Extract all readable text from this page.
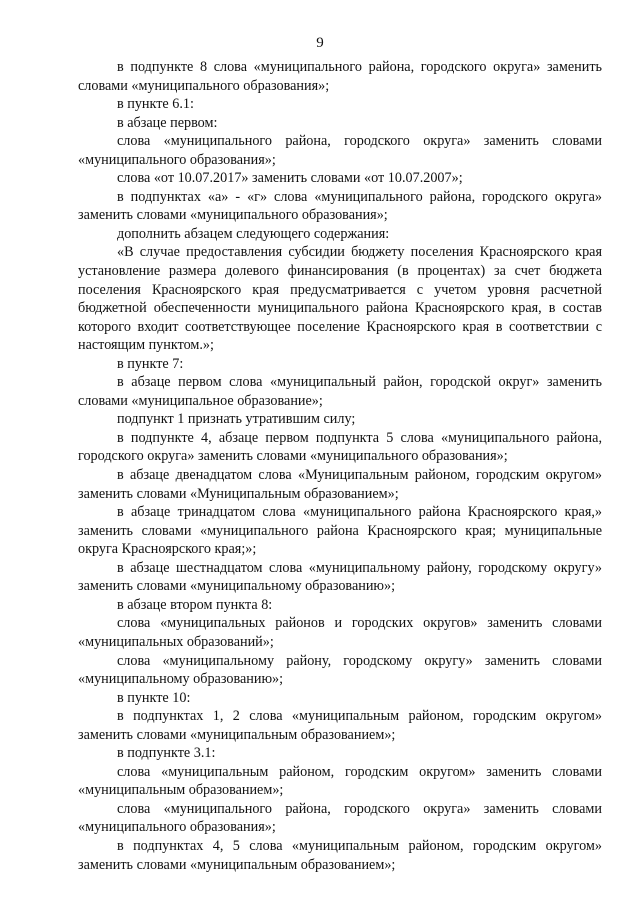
9

в подпункте 8 слова «муниципального района, городского округа» заменить словами «муниципального образования»;

в пункте 6.1:

в абзаце первом:

слова «муниципального района, городского округа» заменить словами «муниципального образования»;

слова «от 10.07.2017» заменить словами «от 10.07.2007»;

в подпунктах «а» - «г» слова «муниципального района, городского округа» заменить словами «муниципального образования»;

дополнить абзацем следующего содержания:

«В случае предоставления субсидии бюджету поселения Красноярского края установление размера долевого финансирования (в процентах) за счет бюджета поселения Красноярского края предусматривается с учетом уровня расчетной бюджетной обеспеченности муниципального района Красноярского края, в состав которого входит соответствующее поселение Красноярского края в соответствии с настоящим пунктом.»;

в пункте 7:

в абзаце первом слова «муниципальный район, городской округ» заменить словами «муниципальное образование»;

подпункт 1 признать утратившим силу;

в подпункте 4, абзаце первом подпункта 5 слова «муниципального района, городского округа» заменить словами «муниципального образования»;

в абзаце двенадцатом слова «Муниципальным районом, городским округом» заменить словами «Муниципальным образованием»;

в абзаце тринадцатом слова «муниципального района Красноярского края,» заменить словами «муниципального района Красноярского края; муниципальные округа Красноярского края;»;

в абзаце шестнадцатом слова «муниципальному району, городскому округу» заменить словами «муниципальному образованию»;

в абзаце втором пункта 8:

слова «муниципальных районов и городских округов» заменить словами «муниципальных образований»;

слова «муниципальному району, городскому округу» заменить словами «муниципальному образованию»;

в пункте 10:

в подпунктах 1, 2 слова «муниципальным районом, городским округом» заменить словами «муниципальным образованием»;

в подпункте 3.1:

слова «муниципальным районом, городским округом» заменить словами «муниципальным образованием»;

слова «муниципального района, городского округа» заменить словами «муниципального образования»;

в подпунктах 4, 5 слова «муниципальным районом, городским округом» заменить словами «муниципальным образованием»;
